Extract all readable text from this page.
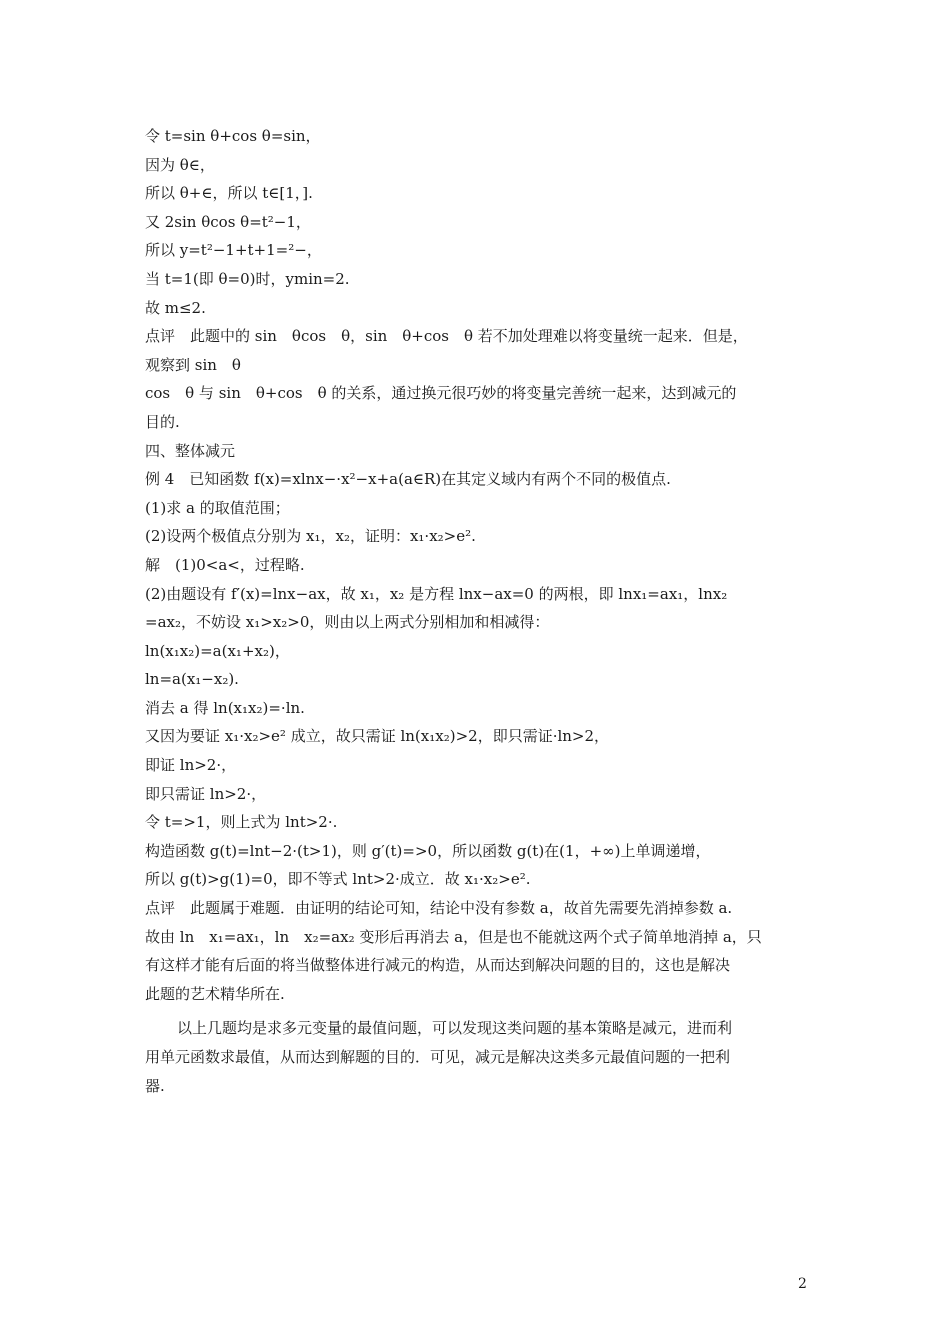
令 t=sin θ+cos θ=sin，
因为 θ∈，
所以 θ+∈，所以 t∈[1，].
又 2sin θcos θ=t²−1，
所以 y=t²−1+t+1=²−，
当 t=1(即 θ=0)时，ymin=2.
故 m≤2.
点评　此题中的 sin　θcos　θ，sin　θ+cos　θ 若不加处理难以将变量统一起来．但是，
观察到 sin　θ
cos　θ 与 sin　θ+cos　θ 的关系，通过换元很巧妙的将变量完善统一起来，达到减元的
目的.
四、整体减元
例 4　已知函数 f(x)=xlnx−·x²−x+a(a∈R)在其定义域内有两个不同的极值点.
(1)求 a 的取值范围；
(2)设两个极值点分别为 x₁，x₂，证明：x₁·x₂>e².
解　(1)0<a<，过程略.
(2)由题设有 f′(x)=lnx−ax，故 x₁，x₂ 是方程 lnx−ax=0 的两根，即 lnx₁=ax₁，lnx₂
=ax₂，不妨设 x₁>x₂>0，则由以上两式分别相加和相减得：
ln(x₁x₂)=a(x₁+x₂)，
ln=a(x₁−x₂).
消去 a 得 ln(x₁x₂)=·ln.
又因为要证 x₁·x₂>e² 成立，故只需证 ln(x₁x₂)>2，即只需证·ln>2，
即证 ln>2·，
即只需证 ln>2·，
令 t=>1，则上式为 lnt>2·.
构造函数 g(t)=lnt−2·(t>1)，则 g′(t)=>0，所以函数 g(t)在(1，+∞)上单调递增，
所以 g(t)>g(1)=0，即不等式 lnt>2·成立．故 x₁·x₂>e².
点评　此题属于难题．由证明的结论可知，结论中没有参数 a，故首先需要先消掉参数 a.
故由 ln　x₁=ax₁，ln　x₂=ax₂ 变形后再消去 a，但是也不能就这两个式子简单地消掉 a，只
有这样才能有后面的将当做整体进行减元的构造，从而达到解决问题的目的，这也是解决
此题的艺术精华所在.
以上几题均是求多元变量的最值问题，可以发现这类问题的基本策略是减元，进而利
用单元函数求最值，从而达到解题的目的．可见，减元是解决这类多元最值问题的一把利
器.
2
